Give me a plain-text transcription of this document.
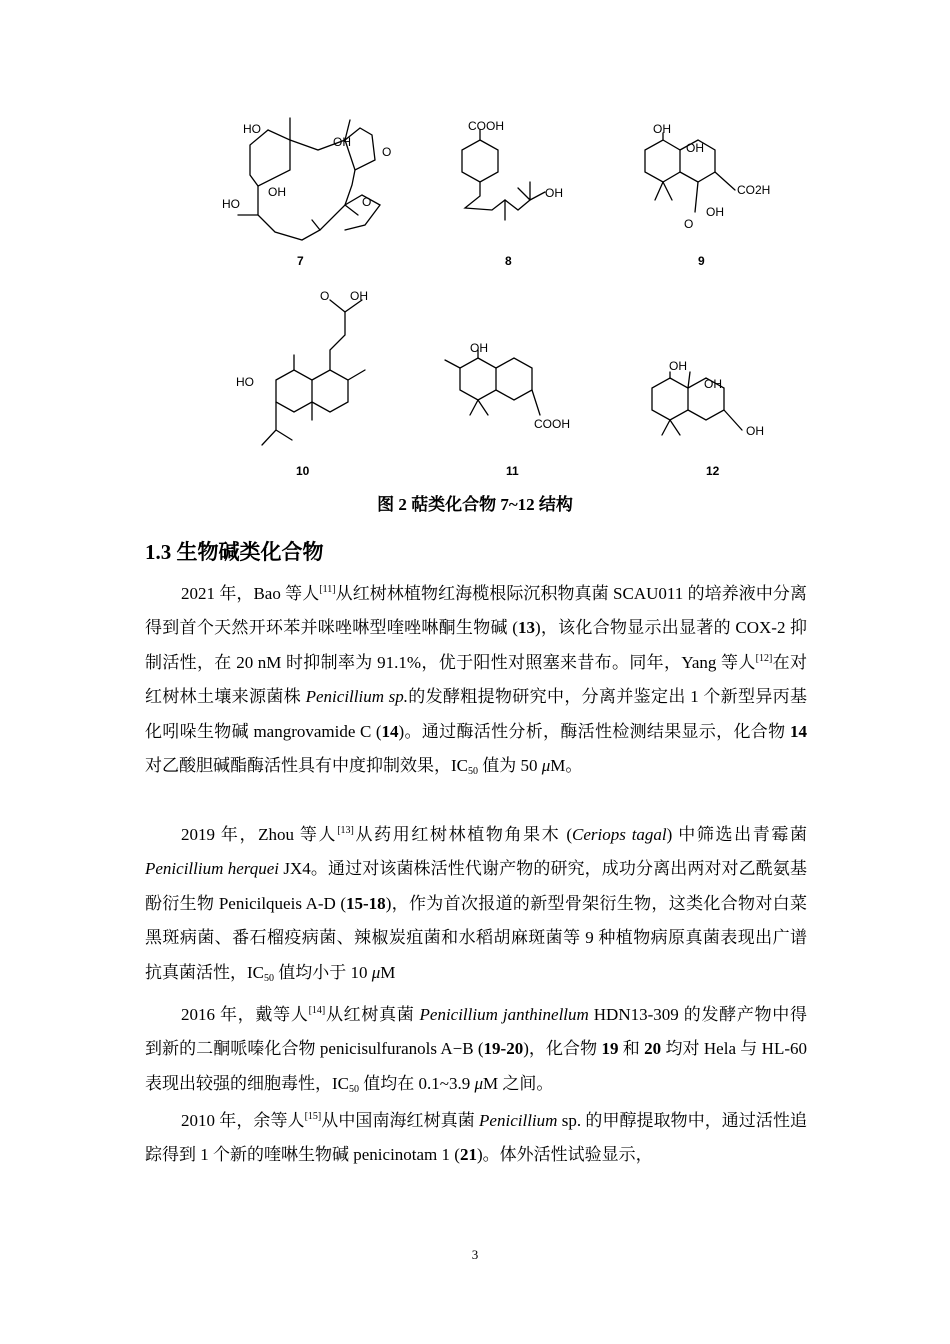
HO
OH
OH
HO
O
O
7
COOH
OH
8
OH
OH
CO2H
OH
O
9
O OH
HO
10
OH
COOH
11
OH
OH
OH
12
图 2 萜类化合物 7~12 结构
1.3 生物碱类化合物

2021 年，Bao 等人[11]从红树林植物红海榄根际沉积物真菌 SCAU011 的培养液中分离得到首个天然开环苯并咪唑啉型喹唑啉酮生物碱 (13)，该化合物显示出显著的 COX-2 抑制活性，在 20 nM 时抑制率为 91.1%，优于阳性对照塞来昔布。同年，Yang 等人[12]在对红树林土壤来源菌株 Penicillium sp.的发酵粗提物研究中，分离并鉴定出 1 个新型异丙基化吲哚生物碱 mangrovamide C (14)。通过酶活性分析，酶活性检测结果显示，化合物 14 对乙酸胆碱酯酶活性具有中度抑制效果，$IC_{50}$ 值为 50 μM。

2019 年，Zhou 等人[13]从药用红树林植物角果木 (Ceriops tagal) 中筛选出青霉菌 Penicillium herquei JX4。通过对该菌株活性代谢产物的研究，成功分离出两对对乙酰氨基酚衍生物 Penicilqueis A-D (15-18)，作为首次报道的新型骨架衍生物，这类化合物对白菜黑斑病菌、番石榴疫病菌、辣椒炭疽菌和水稻胡麻斑菌等 9 种植物病原真菌表现出广谱抗真菌活性，$IC_{50}$ 值均小于 10 μM

2016 年，戴等人[14]从红树真菌 Penicillium janthinellum HDN13-309 的发酵产物中得到新的二酮哌嗪化合物 penicisulfuranols A−B (19-20)，化合物 19 和 20 均对 Hela 与 HL-60 表现出较强的细胞毒性，$IC_{50}$ 值均在 0.1~3.9 μM 之间。

2010 年，余等人[15]从中国南海红树真菌 Penicillium sp. 的甲醇提取物中，通过活性追踪得到 1 个新的喹啉生物碱 penicinotam 1 (21)。体外活性试验显示，

3
